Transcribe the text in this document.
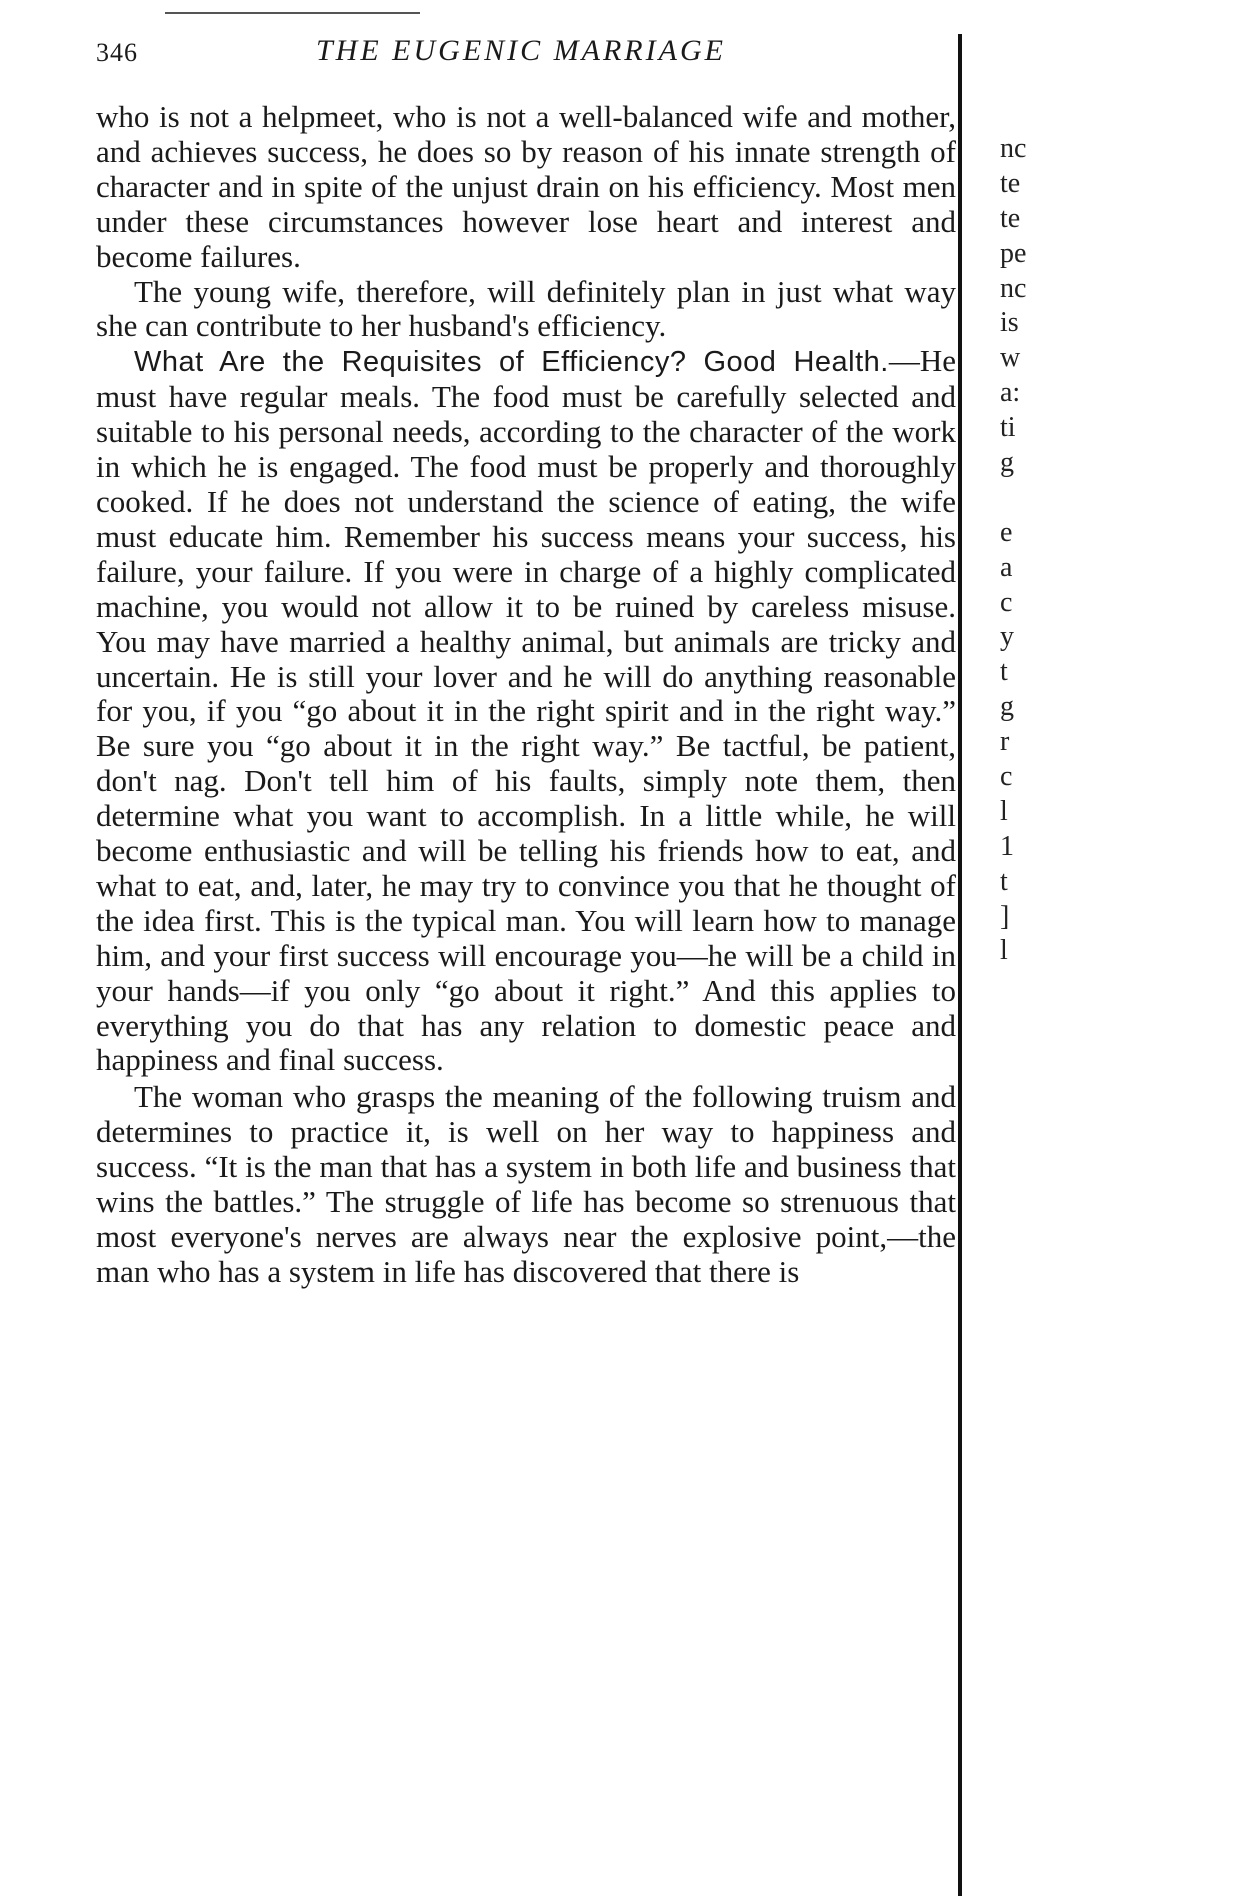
346	THE EUGENIC MARRIAGE

who is not a helpmeet, who is not a well-balanced wife and mother, and achieves success, he does so by reason of his innate strength of character and in spite of the unjust drain on his efficiency. Most men under these circumstances however lose heart and interest and become failures.

The young wife, therefore, will definitely plan in just what way she can contribute to her husband's efficiency.

What Are the Requisites of Efficiency? Good Health.—He must have regular meals. The food must be carefully selected and suitable to his personal needs, according to the character of the work in which he is engaged. The food must be properly and thoroughly cooked. If he does not understand the science of eating, the wife must educate him. Remember his success means your success, his failure, your failure. If you were in charge of a highly complicated machine, you would not allow it to be ruined by careless misuse. You may have married a healthy animal, but animals are tricky and uncertain. He is still your lover and he will do anything reasonable for you, if you “go about it in the right spirit and in the right way.” Be sure you “go about it in the right way.” Be tactful, be patient, don't nag. Don't tell him of his faults, simply note them, then determine what you want to accomplish. In a little while, he will become enthusiastic and will be telling his friends how to eat, and what to eat, and, later, he may try to convince you that he thought of the idea first. This is the typical man. You will learn how to manage him, and your first success will encourage you—he will be a child in your hands—if you only “go about it right.” And this applies to everything you do that has any relation to domestic peace and happiness and final success.

The woman who grasps the meaning of the following truism and determines to practice it, is well on her way to happiness and success. “It is the man that has a system in both life and business that wins the battles.” The struggle of life has become so strenuous that most everyone's nerves are always near the explosive point,—the man who has a system in life has discovered that there is

nc
te
te
pe
nc
is
w
a:
ti
g
e
a
c
y
t
g
r
c
l
1
t
]
l
